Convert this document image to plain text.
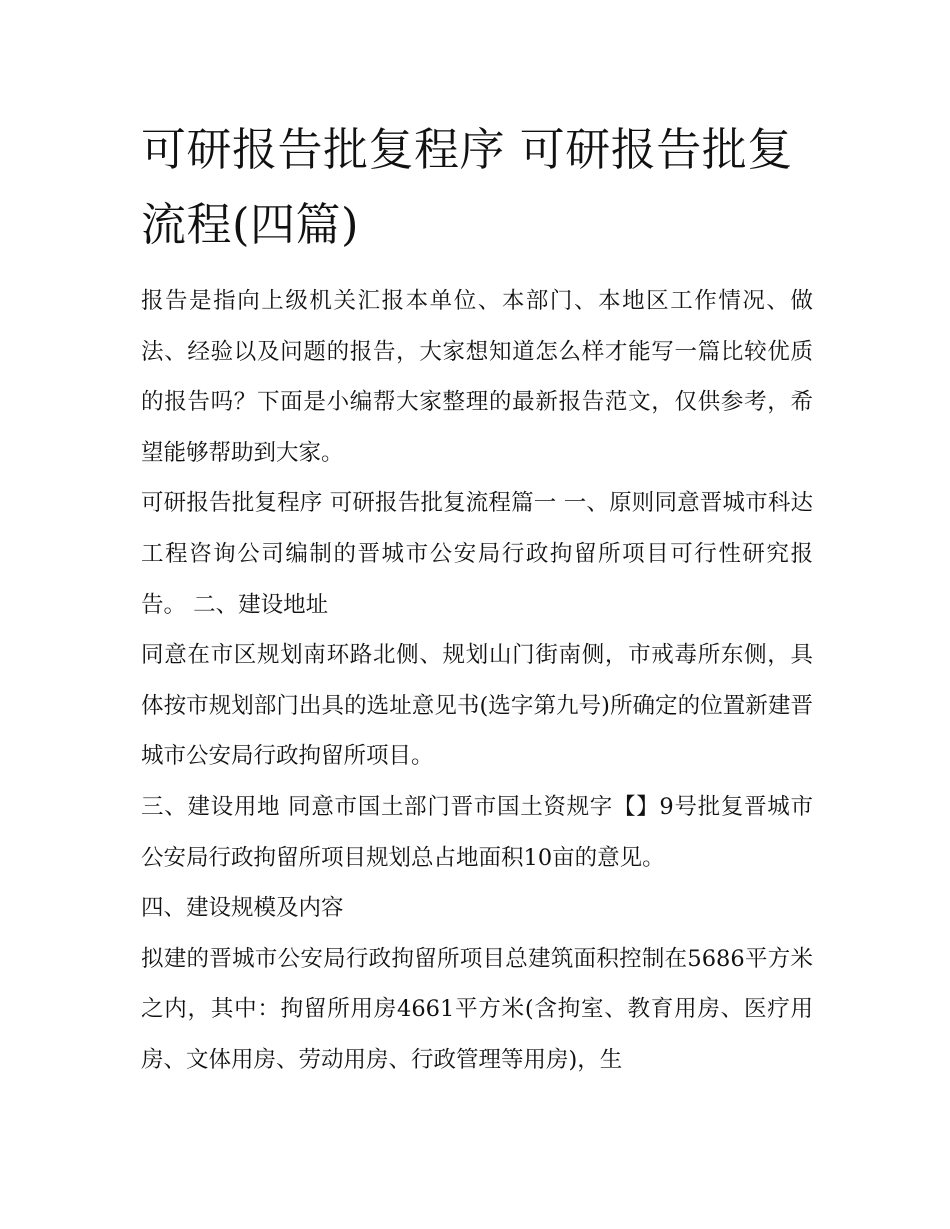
可研报告批复程序 可研报告批复流程(四篇)

报告是指向上级机关汇报本单位、本部门、本地区工作情况、做法、经验以及问题的报告，大家想知道怎么样才能写一篇比较优质的报告吗？下面是小编帮大家整理的最新报告范文，仅供参考，希望能够帮助到大家。

可研报告批复程序 可研报告批复流程篇一 一、原则同意晋城市科达工程咨询公司编制的晋城市公安局行政拘留所项目可行性研究报告。 二、建设地址

同意在市区规划南环路北侧、规划山门街南侧，市戒毒所东侧，具体按市规划部门出具的选址意见书(选字第九号)所确定的位置新建晋城市公安局行政拘留所项目。

三、建设用地 同意市国土部门晋市国土资规字【】9号批复晋城市公安局行政拘留所项目规划总占地面积10亩的意见。

四、建设规模及内容

拟建的晋城市公安局行政拘留所项目总建筑面积控制在5686平方米之内，其中：拘留所用房4661平方米(含拘室、教育用房、医疗用房、文体用房、劳动用房、行政管理等用房)，生
